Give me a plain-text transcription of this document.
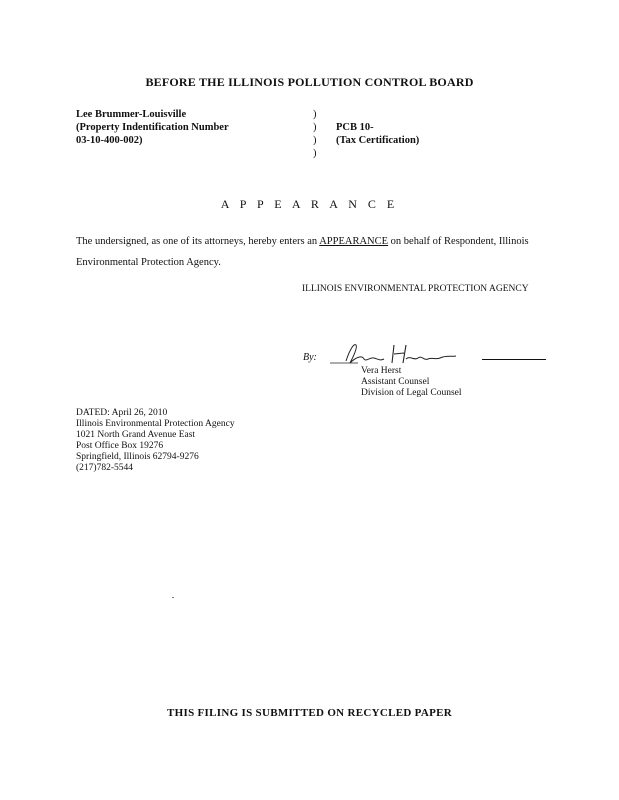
BEFORE THE ILLINOIS POLLUTION CONTROL BOARD
Lee Brummer-Louisville
(Property Indentification Number
03-10-400-002)
)
)
)
)
PCB 10-
(Tax Certification)
A P P E A R A N C E
The undersigned, as one of its attorneys, hereby enters an APPEARANCE on behalf of Respondent, Illinois Environmental Protection Agency.
ILLINOIS ENVIRONMENTAL PROTECTION AGENCY
By:
Vera Herst
Assistant Counsel
Division of Legal Counsel
DATED: April 26, 2010
Illinois Environmental Protection Agency
1021 North Grand Avenue East
Post Office Box 19276
Springfield, Illinois 62794-9276
(217)782-5544
THIS FILING IS SUBMITTED ON RECYCLED PAPER
